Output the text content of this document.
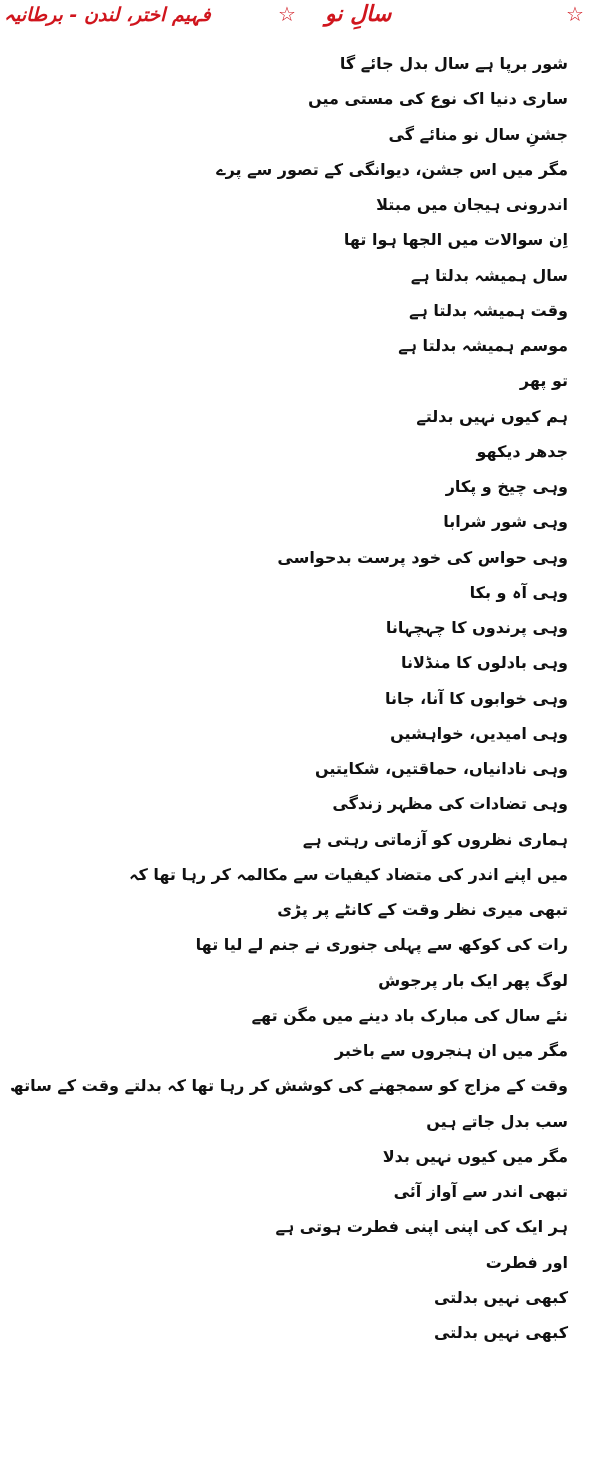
فہیم اختر، لندن - برطانیہ	☆ سالِ نو	☆
شور برپا ہے سال بدل جائے گا
ساری دنیا اک نوع کی مستی میں
جشنِ سال نو منائے گی
مگر میں اس جشن، دیوانگی کے تصور سے پرے
اندرونی ہیجان میں مبتلا
اِن سوالات میں الجھا ہوا تھا
سال ہمیشہ بدلتا ہے
وقت ہمیشہ بدلتا ہے
موسم ہمیشہ بدلتا ہے
تو پھر
ہم کیوں نہیں بدلتے
جدھر دیکھو
وہی چیخ و پکار
وہی شور شرابا
وہی حواس کی خود پرست بدحواسی
وہی آہ و بکا
وہی پرندوں کا چہچہانا
وہی بادلوں کا منڈلانا
وہی خوابوں کا آنا، جانا
وہی امیدیں، خواہشیں
وہی نادانیاں، حماقتیں، شکایتیں
وہی تضادات کی مظہر زندگی
ہماری نظروں کو آزماتی رہتی ہے
میں اپنے اندر کی متضاد کیفیات سے مکالمہ کر رہا تھا کہ
تبھی میری نظر وقت کے کانٹے پر پڑی
رات کی کوکھ سے پہلی جنوری نے جنم لے لیا تھا
لوگ پھر ایک بار پرجوش
نئے سال کی مبارک باد دینے میں مگن تھے
مگر میں ان ہنجروں سے باخبر
وقت کے مزاج کو سمجھنے کی کوشش کر رہا تھا کہ بدلتے وقت کے ساتھ
سب بدل جاتے ہیں
مگر میں کیوں نہیں بدلا
تبھی اندر سے آواز آئی
ہر ایک کی اپنی اپنی فطرت ہوتی ہے
اور فطرت
کبھی نہیں بدلتی
کبھی نہیں بدلتی
